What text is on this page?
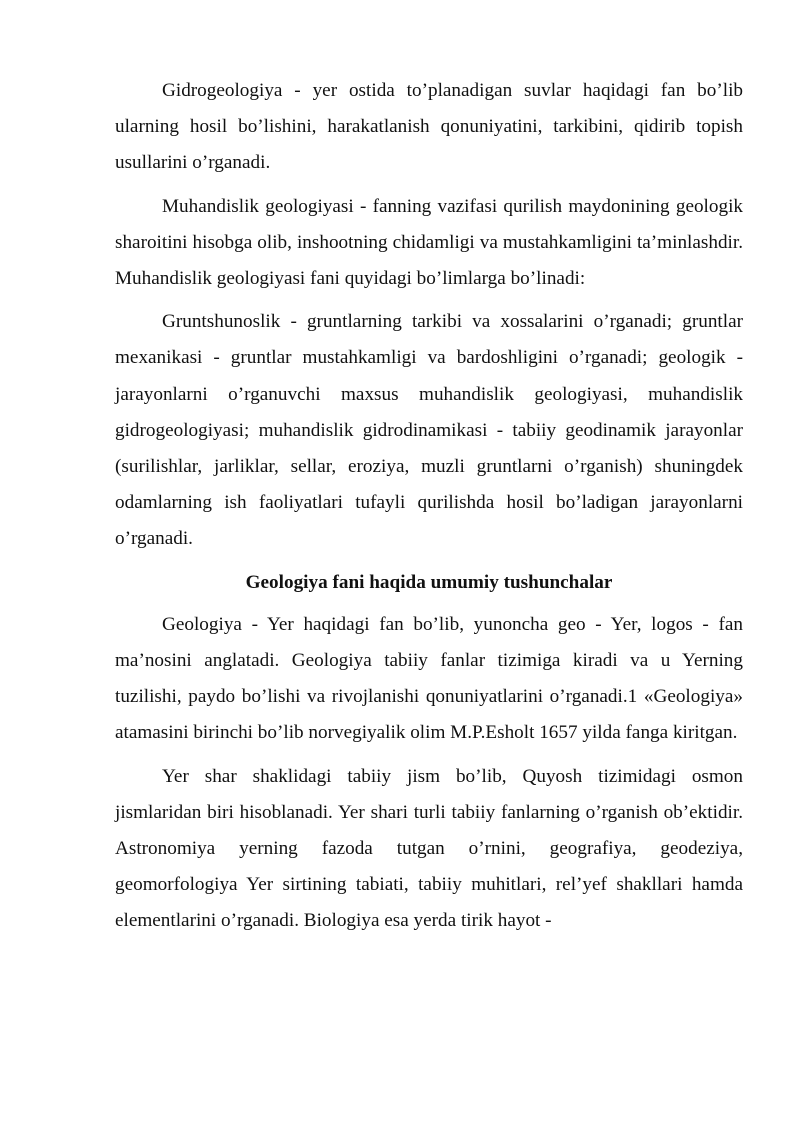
Gidrogeologiya - yer ostida to’planadigan suvlar haqidagi fan bo’lib ularning hosil bo’lishini, harakatlanish qonuniyatini, tarkibini, qidirib topish usullarini o’rganadi.

Muhandislik geologiyasi - fanning vazifasi qurilish maydonining geologik sharoitini hisobga olib, inshootning chidamligi va mustahkamligini ta’minlashdir. Muhandislik geologiyasi fani quyidagi bo’limlarga bo’linadi:

Gruntshunoslik - gruntlarning tarkibi va xossalarini o’rganadi; gruntlar mexanikasi - gruntlar mustahkamligi va bardoshligini o’rganadi; geologik - jarayonlarni o’rganuvchi maxsus muhandislik geologiyasi, muhandislik gidrogeologiyasi; muhandislik gidrodinamikasi - tabiiy geodinamik jarayonlar (surilishlar, jarliklar, sellar, eroziya, muzli gruntlarni o’rganish) shuningdek odamlarning ish faoliyatlari tufayli qurilishda hosil bo’ladigan jarayonlarni o’rganadi.

Geologiya fani haqida umumiy tushunchalar

Geologiya - Yer haqidagi fan bo’lib, yunoncha geo - Yer, logos - fan ma’nosini anglatadi. Geologiya tabiiy fanlar tizimiga kiradi va u Yerning tuzilishi, paydo bo’lishi va rivojlanishi qonuniyatlarini o’rganadi.1 «Geologiya» atamasini birinchi bo’lib norvegiyalik olim M.P.Esholt 1657 yilda fanga kiritgan.

Yer shar shaklidagi tabiiy jism bo’lib, Quyosh tizimidagi osmon jismlaridan biri hisoblanadi. Yer shari turli tabiiy fanlarning o’rganish ob’ektidir. Astronomiya yerning fazoda tutgan o’rnini, geografiya, geodeziya, geomorfologiya Yer sirtining tabiati, tabiiy muhitlari, rel’yef shakllari hamda elementlarini o’rganadi. Biologiya esa yerda tirik hayot -
